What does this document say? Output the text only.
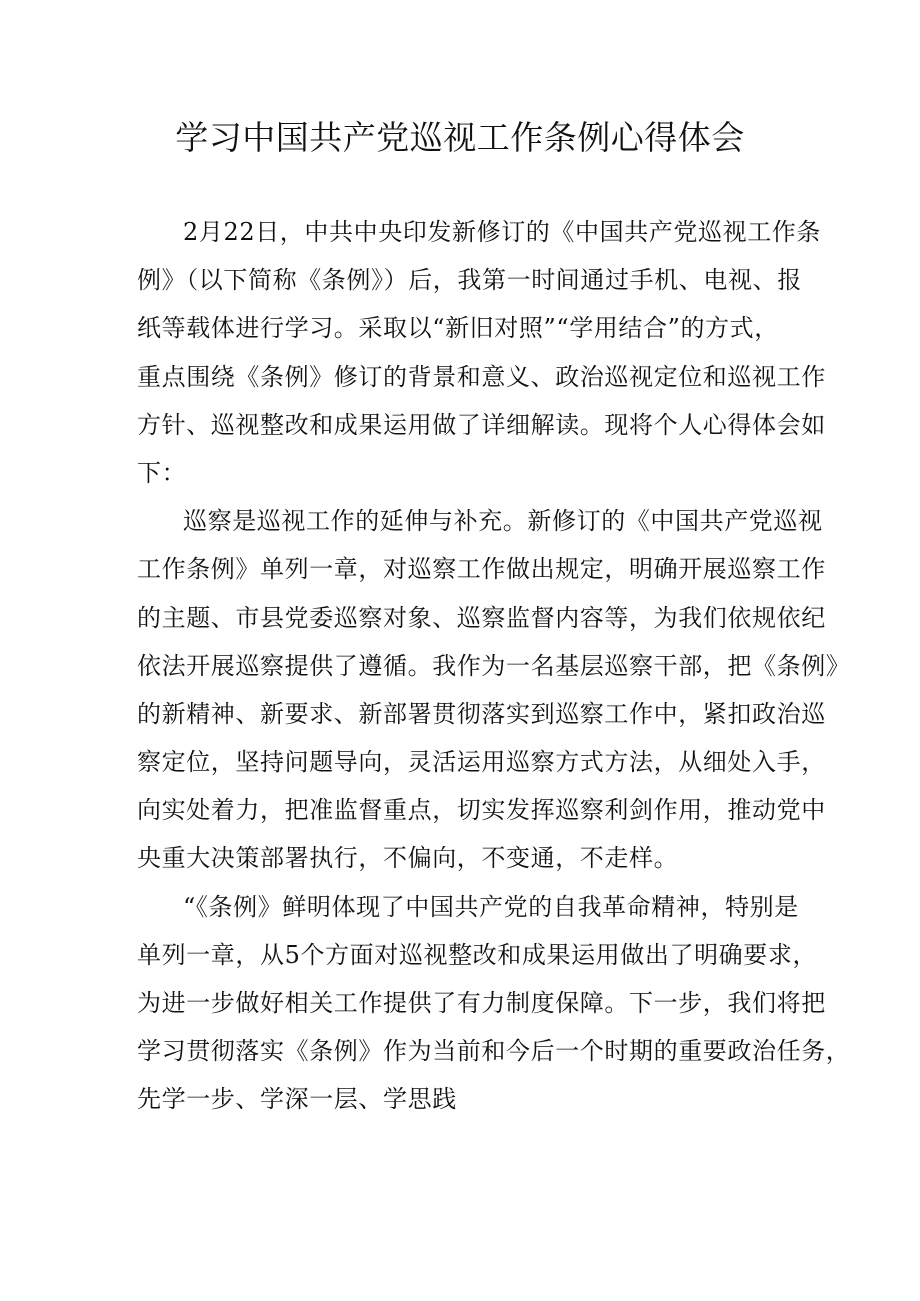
学习中国共产党巡视工作条例心得体会
2月22日，中共中央印发新修订的《中国共产党巡视工作条
例》（以下简称《条例》）后，我第一时间通过手机、电视、报
纸等载体进行学习。采取以“新旧对照”“学用结合”的方式，
重点围绕《条例》修订的背景和意义、政治巡视定位和巡视工作
方针、巡视整改和成果运用做了详细解读。现将个人心得体会如
下：
巡察是巡视工作的延伸与补充。新修订的《中国共产党巡视
工作条例》单列一章，对巡察工作做出规定，明确开展巡察工作
的主题、市县党委巡察对象、巡察监督内容等，为我们依规依纪
依法开展巡察提供了遵循。我作为一名基层巡察干部，把《条例》
的新精神、新要求、新部署贯彻落实到巡察工作中，紧扣政治巡
察定位，坚持问题导向，灵活运用巡察方式方法，从细处入手，
向实处着力，把准监督重点，切实发挥巡察利剑作用，推动党中
央重大决策部署执行，不偏向，不变通，不走样。
“《条例》鲜明体现了中国共产党的自我革命精神，特别是
单列一章，从5个方面对巡视整改和成果运用做出了明确要求，
为进一步做好相关工作提供了有力制度保障。下一步，我们将把
学习贯彻落实《条例》作为当前和今后一个时期的重要政治任务，
先学一步、学深一层、学思践
